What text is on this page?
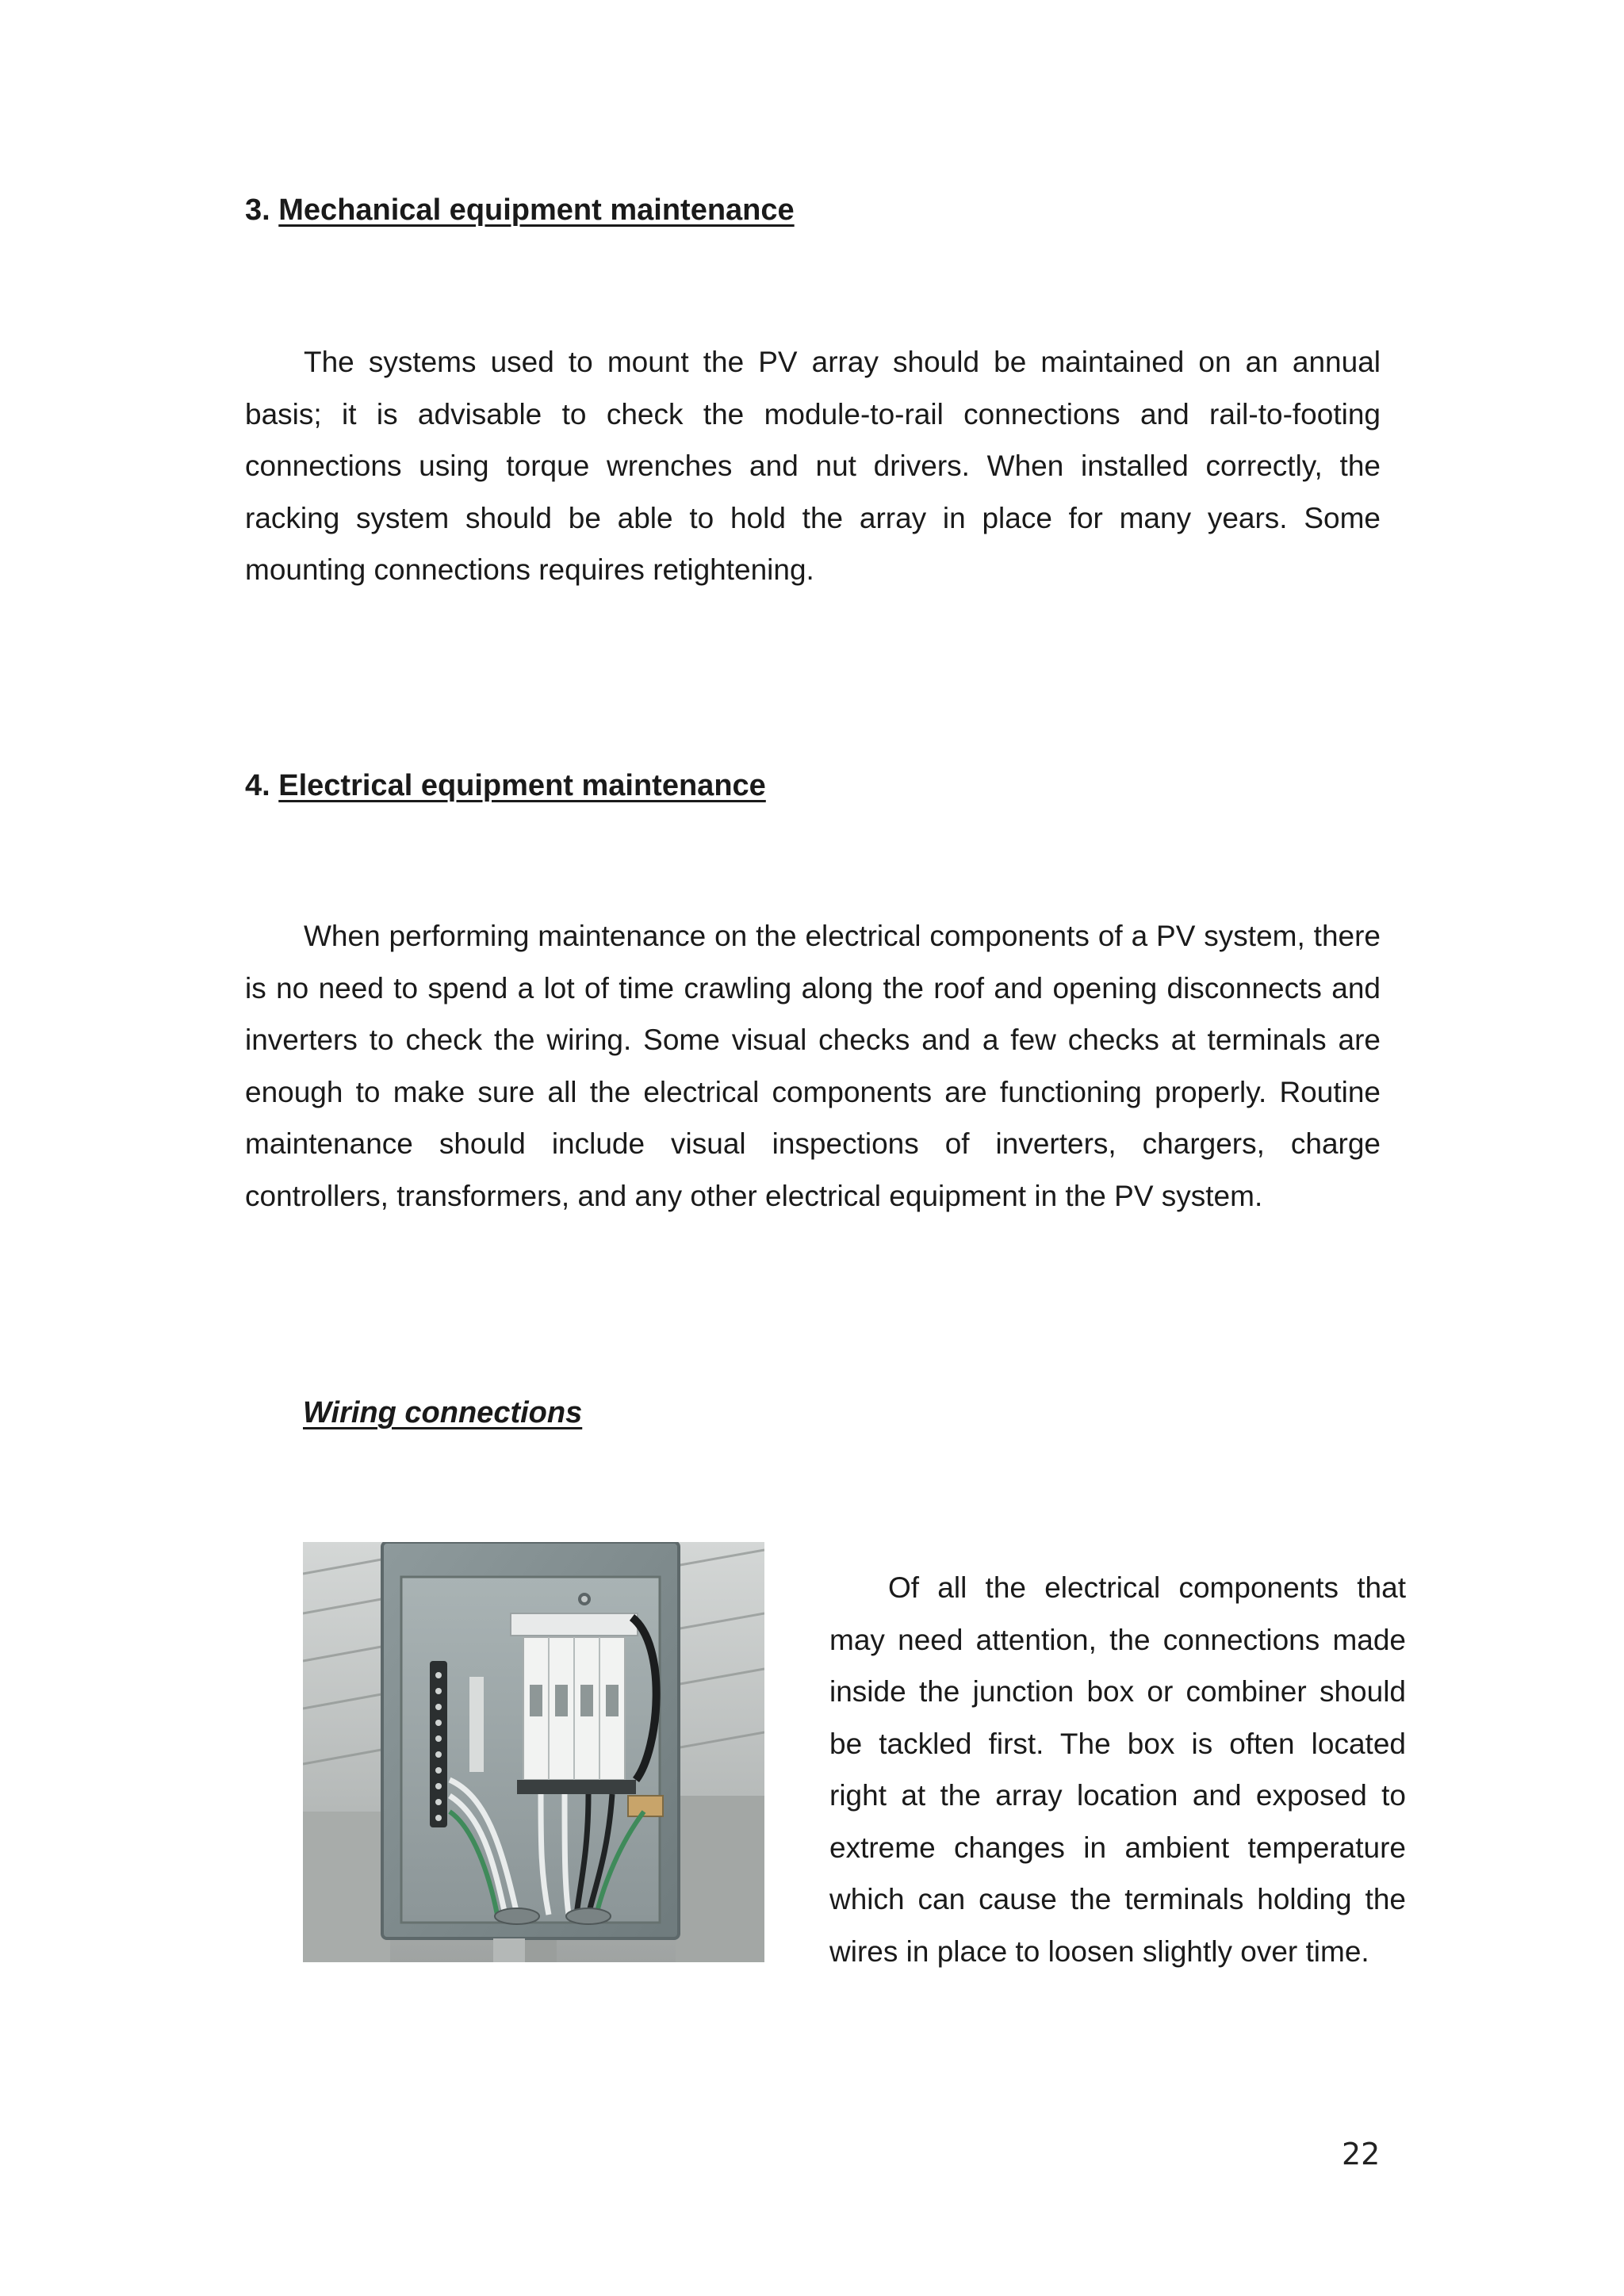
3. Mechanical equipment maintenance

The systems used to mount the PV array should be maintained on an annual basis; it is advisable to check the module-to-rail connections and rail-to-footing connections using torque wrenches and nut drivers. When installed correctly, the racking system should be able to hold the array in place for many years. Some mounting connections requires retightening.

4. Electrical equipment maintenance

When performing maintenance on the electrical components of a PV system, there is no need to spend a lot of time crawling along the roof and opening disconnects and inverters to check the wiring. Some visual checks and a few checks at terminals are enough to make sure all the electrical components are functioning properly. Routine maintenance should include visual inspections of inverters, chargers, charge controllers, transformers, and any other electrical equipment in the PV system.

Wiring connections

Of all the electrical components that may need attention, the connections made inside the junction box or combiner should be tackled first. The box is often located right at the array location and exposed to extreme changes in ambient temperature which can cause the terminals holding the wires in place to loosen slightly over time.

22
